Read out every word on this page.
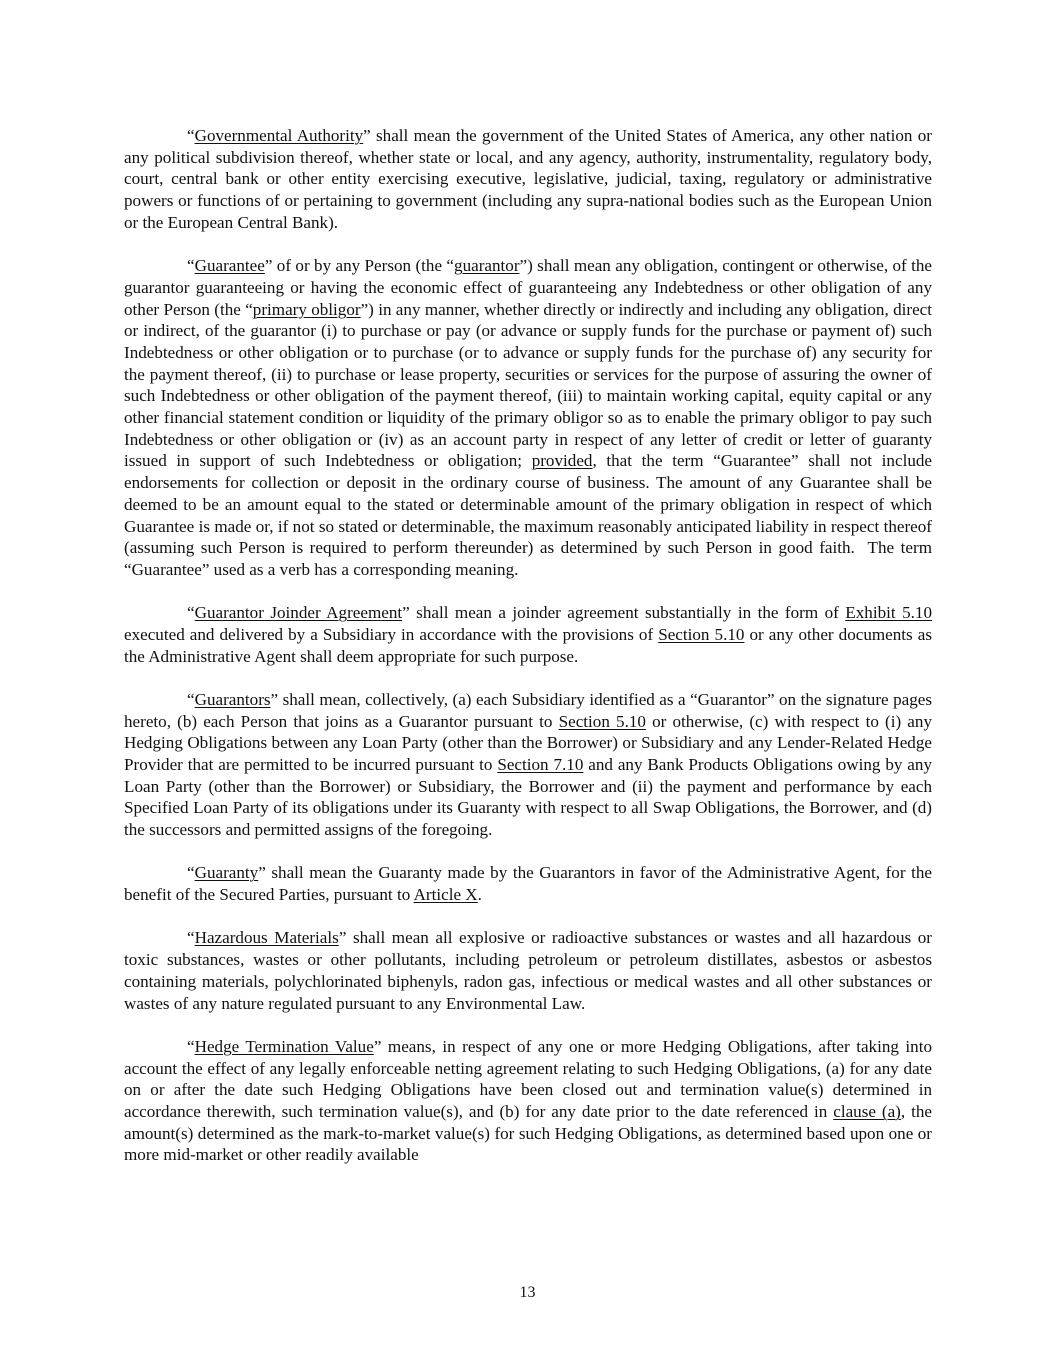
“Governmental Authority” shall mean the government of the United States of America, any other nation or any political subdivision thereof, whether state or local, and any agency, authority, instrumentality, regulatory body, court, central bank or other entity exercising executive, legislative, judicial, taxing, regulatory or administrative powers or functions of or pertaining to government (including any supra-national bodies such as the European Union or the European Central Bank).

“Guarantee” of or by any Person (the “guarantor”) shall mean any obligation, contingent or otherwise, of the guarantor guaranteeing or having the economic effect of guaranteeing any Indebtedness or other obligation of any other Person (the “primary obligor”) in any manner, whether directly or indirectly and including any obligation, direct or indirect, of the guarantor (i) to purchase or pay (or advance or supply funds for the purchase or payment of) such Indebtedness or other obligation or to purchase (or to advance or supply funds for the purchase of) any security for the payment thereof, (ii) to purchase or lease property, securities or services for the purpose of assuring the owner of such Indebtedness or other obligation of the payment thereof, (iii) to maintain working capital, equity capital or any other financial statement condition or liquidity of the primary obligor so as to enable the primary obligor to pay such Indebtedness or other obligation or (iv) as an account party in respect of any letter of credit or letter of guaranty issued in support of such Indebtedness or obligation; provided, that the term “Guarantee” shall not include endorsements for collection or deposit in the ordinary course of business. The amount of any Guarantee shall be deemed to be an amount equal to the stated or determinable amount of the primary obligation in respect of which Guarantee is made or, if not so stated or determinable, the maximum reasonably anticipated liability in respect thereof (assuming such Person is required to perform thereunder) as determined by such Person in good faith.  The term “Guarantee” used as a verb has a corresponding meaning.

“Guarantor Joinder Agreement” shall mean a joinder agreement substantially in the form of Exhibit 5.10 executed and delivered by a Subsidiary in accordance with the provisions of Section 5.10 or any other documents as the Administrative Agent shall deem appropriate for such purpose.

“Guarantors” shall mean, collectively, (a) each Subsidiary identified as a “Guarantor” on the signature pages hereto, (b) each Person that joins as a Guarantor pursuant to Section 5.10 or otherwise, (c) with respect to (i) any Hedging Obligations between any Loan Party (other than the Borrower) or Subsidiary and any Lender-Related Hedge Provider that are permitted to be incurred pursuant to Section 7.10 and any Bank Products Obligations owing by any Loan Party (other than the Borrower) or Subsidiary, the Borrower and (ii) the payment and performance by each Specified Loan Party of its obligations under its Guaranty with respect to all Swap Obligations, the Borrower, and (d) the successors and permitted assigns of the foregoing.

“Guaranty” shall mean the Guaranty made by the Guarantors in favor of the Administrative Agent, for the benefit of the Secured Parties, pursuant to Article X.

“Hazardous Materials” shall mean all explosive or radioactive substances or wastes and all hazardous or toxic substances, wastes or other pollutants, including petroleum or petroleum distillates, asbestos or asbestos containing materials, polychlorinated biphenyls, radon gas, infectious or medical wastes and all other substances or wastes of any nature regulated pursuant to any Environmental Law.

“Hedge Termination Value” means, in respect of any one or more Hedging Obligations, after taking into account the effect of any legally enforceable netting agreement relating to such Hedging Obligations, (a) for any date on or after the date such Hedging Obligations have been closed out and termination value(s) determined in accordance therewith, such termination value(s), and (b) for any date prior to the date referenced in clause (a), the amount(s) determined as the mark-to-market value(s) for such Hedging Obligations, as determined based upon one or more mid-market or other readily available

13
